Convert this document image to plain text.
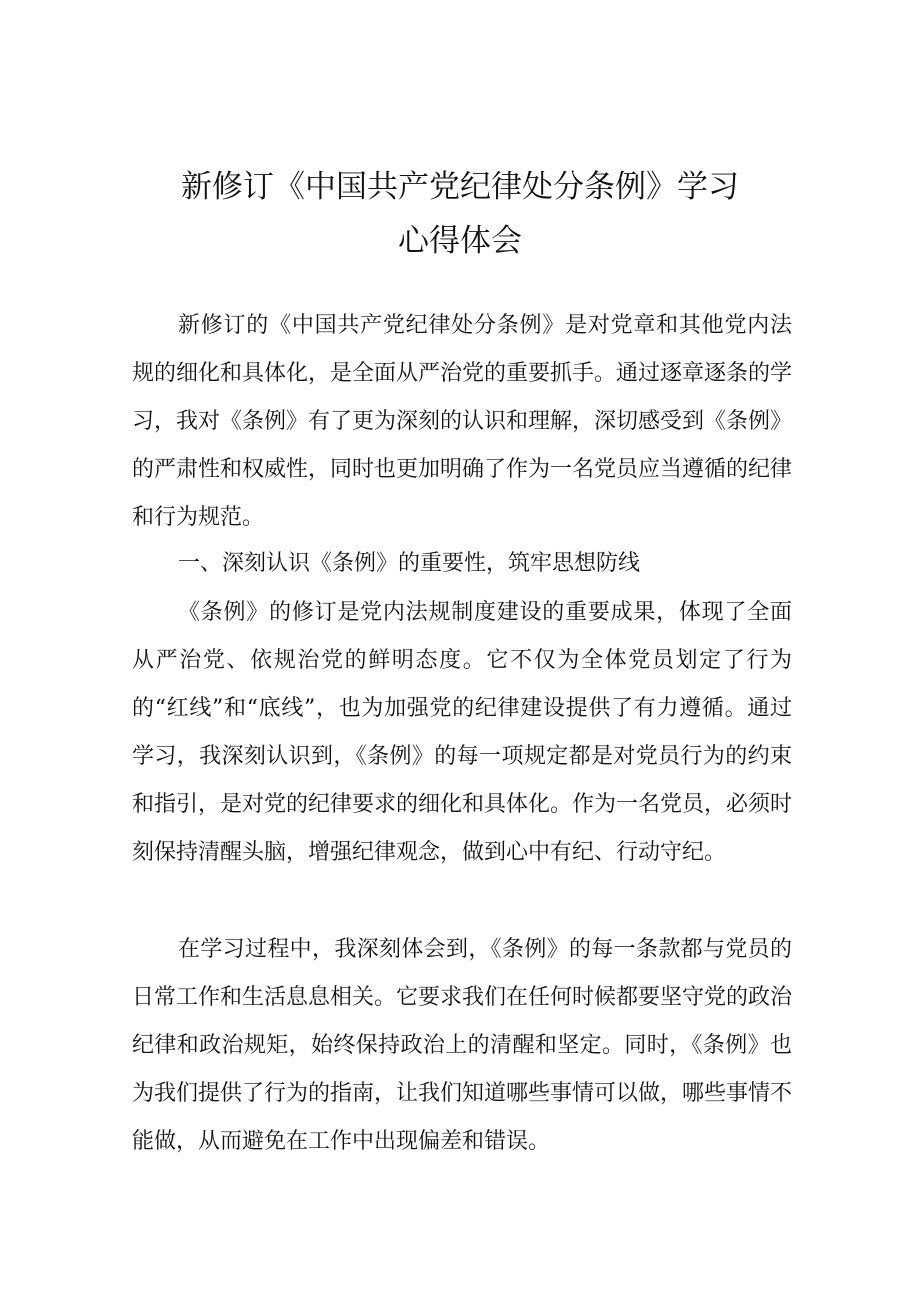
新修订《中国共产党纪律处分条例》学习
心得体会

新修订的《中国共产党纪律处分条例》是对党章和其他党内法规的细化和具体化，是全面从严治党的重要抓手。通过逐章逐条的学习，我对《条例》有了更为深刻的认识和理解，深切感受到《条例》的严肃性和权威性，同时也更加明确了作为一名党员应当遵循的纪律和行为规范。

一、深刻认识《条例》的重要性，筑牢思想防线

《条例》的修订是党内法规制度建设的重要成果，体现了全面从严治党、依规治党的鲜明态度。它不仅为全体党员划定了行为的“红线”和“底线”，也为加强党的纪律建设提供了有力遵循。通过学习，我深刻认识到，《条例》的每一项规定都是对党员行为的约束和指引，是对党的纪律要求的细化和具体化。作为一名党员，必须时刻保持清醒头脑，增强纪律观念，做到心中有纪、行动守纪。

在学习过程中，我深刻体会到，《条例》的每一条款都与党员的日常工作和生活息息相关。它要求我们在任何时候都要坚守党的政治纪律和政治规矩，始终保持政治上的清醒和坚定。同时，《条例》也为我们提供了行为的指南，让我们知道哪些事情可以做，哪些事情不能做，从而避免在工作中出现偏差和错误。
